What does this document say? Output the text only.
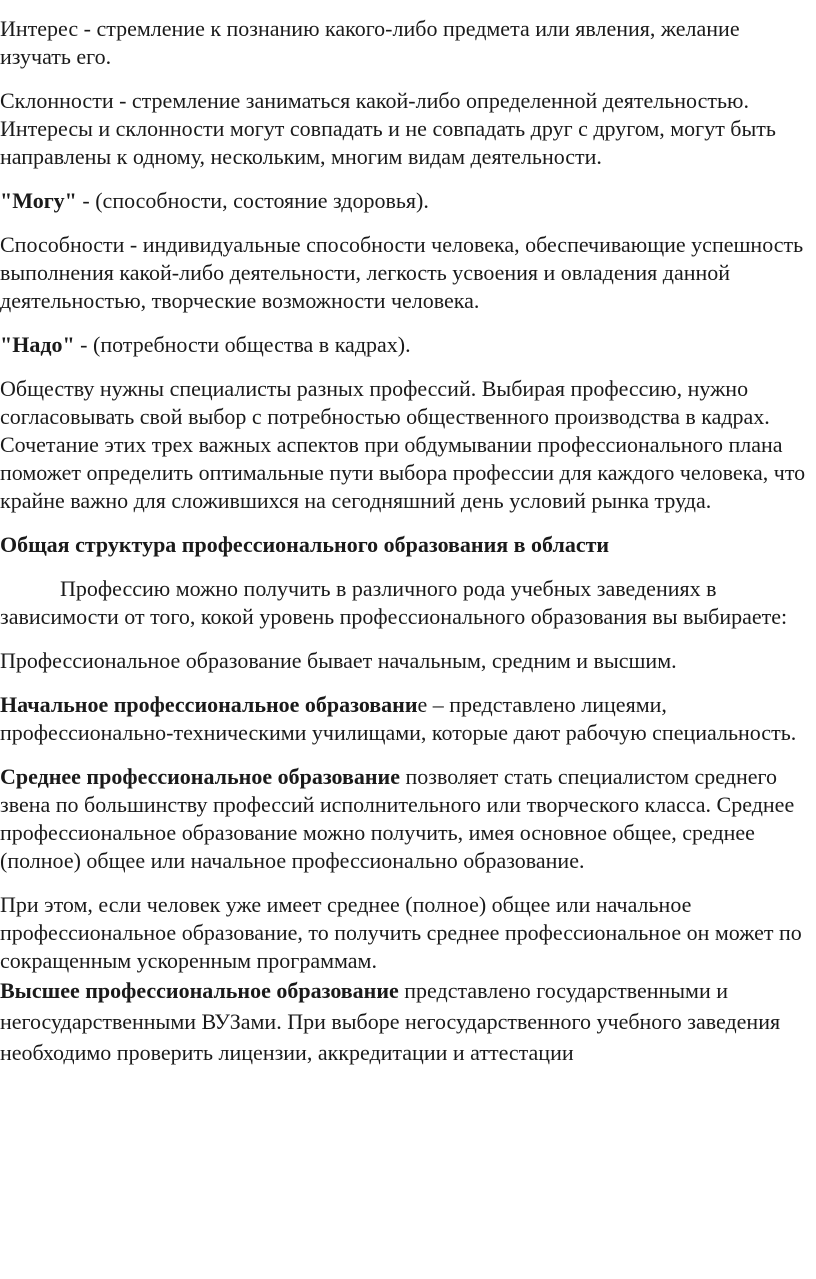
Интерес - стремление к познанию какого-либо предмета или явления, желание изучать его.

Склонности - стремление заниматься какой-либо определенной деятельностью. Интересы и склонности могут совпадать и не совпадать друг с другом, могут быть направлены к одному, нескольким, многим видам деятельности.

"Могу" - (способности, состояние здоровья).

Способности - индивидуальные способности человека, обеспечивающие успешность выполнения какой-либо деятельности, легкость усвоения и овладения данной деятельностью, творческие возможности человека.

"Надо" - (потребности общества в кадрах).

Обществу нужны специалисты разных профессий. Выбирая профессию, нужно согласовывать свой выбор с потребностью общественного производства в кадрах. Сочетание этих трех важных аспектов при обдумывании профессионального плана поможет определить оптимальные пути выбора профессии для каждого человека, что крайне важно для сложившихся на сегодняшний день условий рынка труда.

Общая структура профессионального образования в области

Профессию можно получить в различного рода учебных заведениях в зависимости от того, кокой уровень профессионального образования вы выбираете:

Профессиональное образование бывает начальным, средним и высшим.

Начальное профессиональное образование – представлено лицеями, профессионально-техническими училищами, которые дают рабочую специальность.

Среднее профессиональное образование позволяет стать специалистом среднего звена по большинству профессий исполнительного или творческого класса. Среднее профессиональное образование можно получить, имея основное общее, среднее (полное) общее или начальное профессионально образование.

При этом, если человек уже имеет среднее (полное) общее или начальное профессиональное образование, то получить среднее профессиональное он может по сокращенным ускоренным программам.

Высшее профессиональное образование представлено государственными и негосударственными ВУЗами. При выборе негосударственного учебного заведения необходимо проверить лицензии, аккредитации и аттестации
